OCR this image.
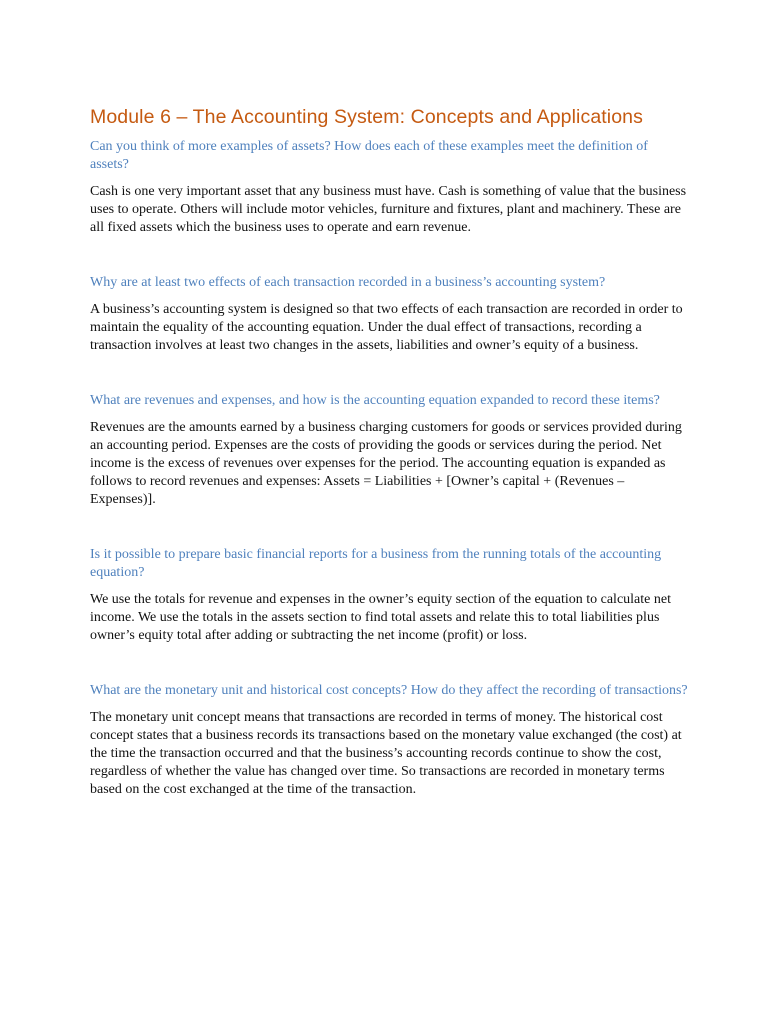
Module 6 – The Accounting System: Concepts and Applications

Can you think of more examples of assets? How does each of these examples meet the definition of assets?

Cash is one very important asset that any business must have. Cash is something of value that the business uses to operate. Others will include motor vehicles, furniture and fixtures, plant and machinery. These are all fixed assets which the business uses to operate and earn revenue.

Why are at least two effects of each transaction recorded in a business’s accounting system?

A business’s accounting system is designed so that two effects of each transaction are recorded in order to maintain the equality of the accounting equation. Under the dual effect of transactions, recording a transaction involves at least two changes in the assets, liabilities and owner’s equity of a business.

What are revenues and expenses, and how is the accounting equation expanded to record these items?

Revenues are the amounts earned by a business charging customers for goods or services provided during an accounting period. Expenses are the costs of providing the goods or services during the period. Net income is the excess of revenues over expenses for the period. The accounting equation is expanded as follows to record revenues and expenses: Assets = Liabilities + [Owner’s capital + (Revenues – Expenses)].

Is it possible to prepare basic financial reports for a business from the running totals of the accounting equation?

We use the totals for revenue and expenses in the owner’s equity section of the equation to calculate net income. We use the totals in the assets section to find total assets and relate this to total liabilities plus owner’s equity total after adding or subtracting the net income (profit) or loss.

What are the monetary unit and historical cost concepts? How do they affect the recording of transactions?

The monetary unit concept means that transactions are recorded in terms of money. The historical cost concept states that a business records its transactions based on the monetary value exchanged (the cost) at the time the transaction occurred and that the business’s accounting records continue to show the cost, regardless of whether the value has changed over time. So transactions are recorded in monetary terms based on the cost exchanged at the time of the transaction.
